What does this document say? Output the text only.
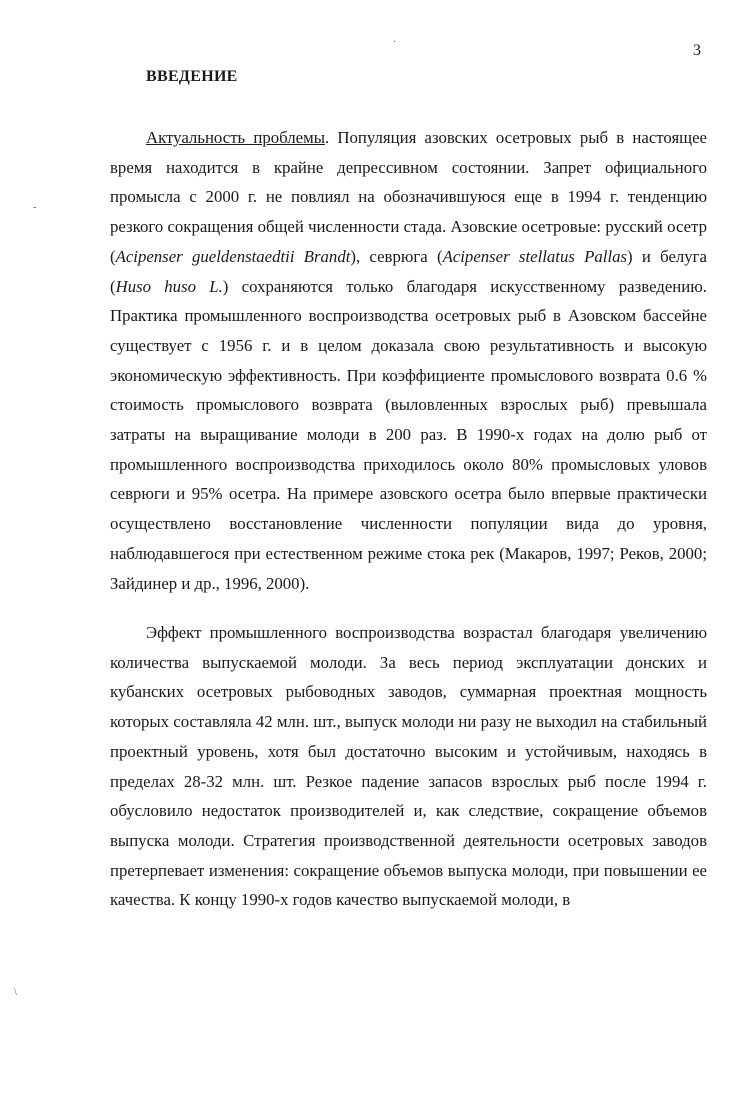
·
-
\
3
ВВЕДЕНИЕ

Актуальность проблемы. Популяция азовских осетровых рыб в настоящее время находится в крайне депрессивном состоянии. Запрет официального промысла с 2000 г. не повлиял на обозначившуюся еще в 1994 г. тенденцию резкого сокращения общей численности стада. Азовские осетровые: русский осетр (Acipenser gueldenstaedtii Brandt), севрюга (Acipenser stellatus Pallas) и белуга (Huso huso L.) сохраняются только благодаря искусственному разведению. Практика промышленного воспроизводства осетровых рыб в Азовском бассейне существует с 1956 г. и в целом доказала свою результативность и высокую экономическую эффективность. При коэффициенте промыслового возврата 0.6 % стоимость промыслового возврата (выловленных взрослых рыб) превышала затраты на выращивание молоди в 200 раз. В 1990-х годах на долю рыб от промышленного воспроизводства приходилось около 80% промысловых уловов севрюги и 95% осетра. На примере азовского осетра было впервые практически осуществлено восстановление численности популяции вида до уровня, наблюдавшегося при естественном режиме стока рек (Макаров, 1997; Реков, 2000; Зайдинер и др., 1996, 2000).

Эффект промышленного воспроизводства возрастал благодаря увеличению количества выпускаемой молоди. За весь период эксплуатации донских и кубанских осетровых рыбоводных заводов, суммарная проектная мощность которых составляла 42 млн. шт., выпуск молоди ни разу не выходил на стабильный проектный уровень, хотя был достаточно высоким и устойчивым, находясь в пределах 28-32 млн. шт. Резкое падение запасов взрослых рыб после 1994 г. обусловило недостаток производителей и, как следствие, сокращение объемов выпуска молоди. Стратегия производственной деятельности осетровых заводов претерпевает изменения: сокращение объемов выпуска молоди, при повышении ее качества. К концу 1990-х годов качество выпускаемой молоди, в
